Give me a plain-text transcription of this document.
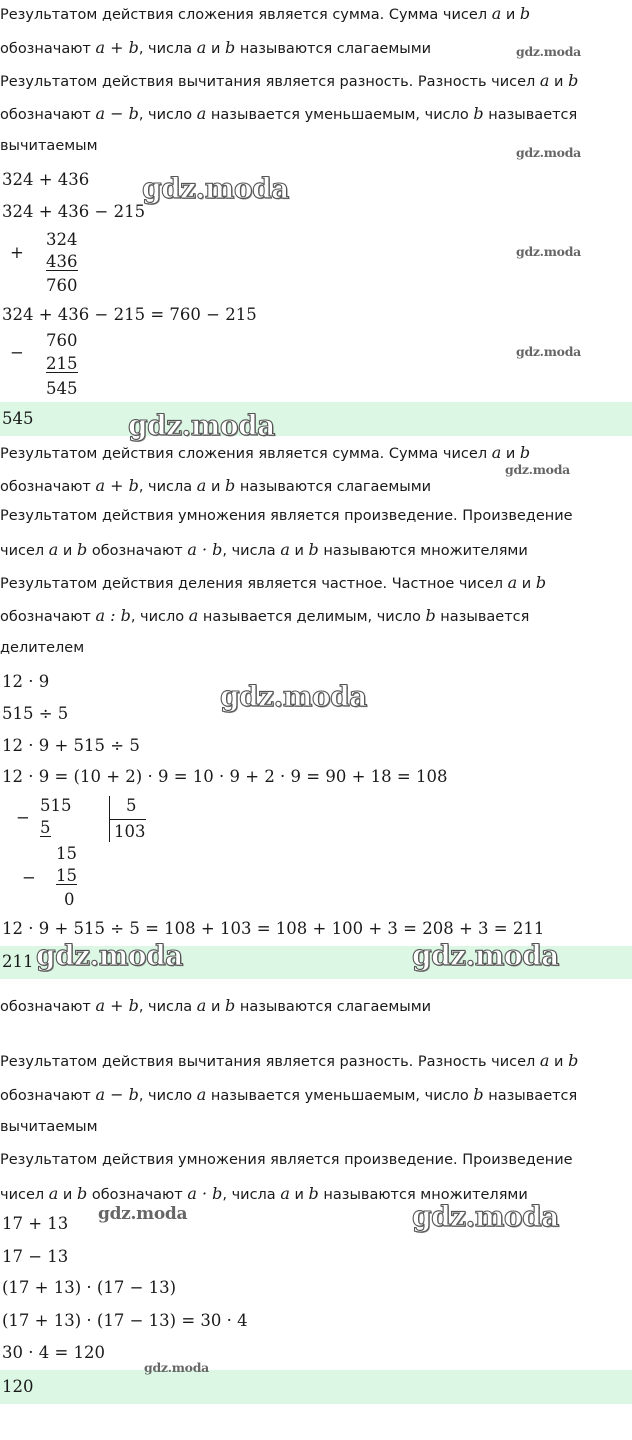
Результатом действия сложения является сумма. Сумма чисел a и b
обозначают a + b, числа a и b называются слагаемыми
Результатом действия вычитания является разность. Разность чисел a и b
обозначают a − b, число a называется уменьшаемым, число b называется
вычитаемым
324 + 436
324 + 436 − 215
+
324
436
760
324 + 436 − 215 = 760 − 215
−
760
215
545
545
Результатом действия сложения является сумма. Сумма чисел a и b
обозначают a + b, числа a и b называются слагаемыми
Результатом действия умножения является произведение. Произведение
чисел a и b обозначают a · b, числа a и b называются множителями
Результатом действия деления является частное. Частное чисел a и b
обозначают a : b, число a называется делимым, число b называется
делителем
12 · 9
515 ÷ 5
12 · 9 + 515 ÷ 5
12 · 9 = (10 + 2) · 9 = 10 · 9 + 2 · 9 = 90 + 18 = 108
−
515
5
5
103
15
− 15
0
12 · 9 + 515 ÷ 5 = 108 + 103 = 108 + 100 + 3 = 208 + 3 = 211
211
обозначают a + b, числа a и b называются слагаемыми
Результатом действия вычитания является разность. Разность чисел a и b
обозначают a − b, число a называется уменьшаемым, число b называется
вычитаемым
Результатом действия умножения является произведение. Произведение
чисел a и b обозначают a · b, числа a и b называются множителями
17 + 13
17 − 13
(17 + 13) · (17 − 13)
(17 + 13) · (17 − 13) = 30 · 4
30 · 4 = 120
120
gdz.moda
gdz.moda
gdz.moda
gdz.moda
gdz.moda
gdz.moda
gdz.moda
gdz.moda
gdz.moda	gdz.moda
gdz.moda	gdz.moda
gdz.moda
